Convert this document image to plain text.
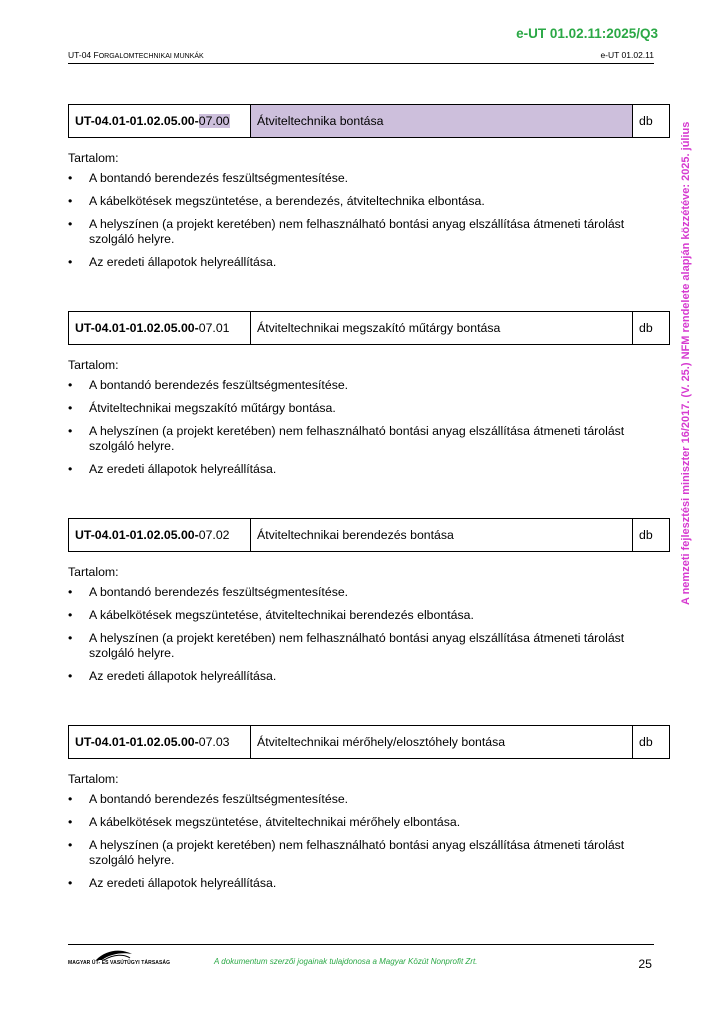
e-UT 01.02.11:2025/Q3
UT-04 FORGALOMTECHNIKAI MUNKÁK	e-UT 01.02.11
A nemzeti fejlesztési miniszter 16/2017. (V. 25.) NFM rendelete alapján közzétéve: 2025. július
UT-04.01-01.02.05.00-07.00	Átviteltechnika bontása	db
Tartalom:
• A bontandó berendezés feszültségmentesítése.
• A kábelkötések megszüntetése, a berendezés, átviteltechnika elbontása.
• A helyszínen (a projekt keretében) nem felhasználható bontási anyag elszállítása átmeneti tárolást szolgáló helyre.
• Az eredeti állapotok helyreállítása.
UT-04.01-01.02.05.00-07.01	Átviteltechnikai megszakító műtárgy bontása	db
Tartalom:
• A bontandó berendezés feszültségmentesítése.
• Átviteltechnikai megszakító műtárgy bontása.
• A helyszínen (a projekt keretében) nem felhasználható bontási anyag elszállítása átmeneti tárolást szolgáló helyre.
• Az eredeti állapotok helyreállítása.
UT-04.01-01.02.05.00-07.02	Átviteltechnikai berendezés bontása	db
Tartalom:
• A bontandó berendezés feszültségmentesítése.
• A kábelkötések megszüntetése, átviteltechnikai berendezés elbontása.
• A helyszínen (a projekt keretében) nem felhasználható bontási anyag elszállítása átmeneti tárolást szolgáló helyre.
• Az eredeti állapotok helyreállítása.
UT-04.01-01.02.05.00-07.03	Átviteltechnikai mérőhely/elosztóhely bontása	db
Tartalom:
• A bontandó berendezés feszültségmentesítése.
• A kábelkötések megszüntetése, átviteltechnikai mérőhely elbontása.
• A helyszínen (a projekt keretében) nem felhasználható bontási anyag elszállítása átmeneti tárolást szolgáló helyre.
• Az eredeti állapotok helyreállítása.
MAGYAR ÚT- ÉS VASÚTÜGYI TÁRSASÁG	A dokumentum szerzői jogainak tulajdonosa a Magyar Közút Nonprofit Zrt.	25
